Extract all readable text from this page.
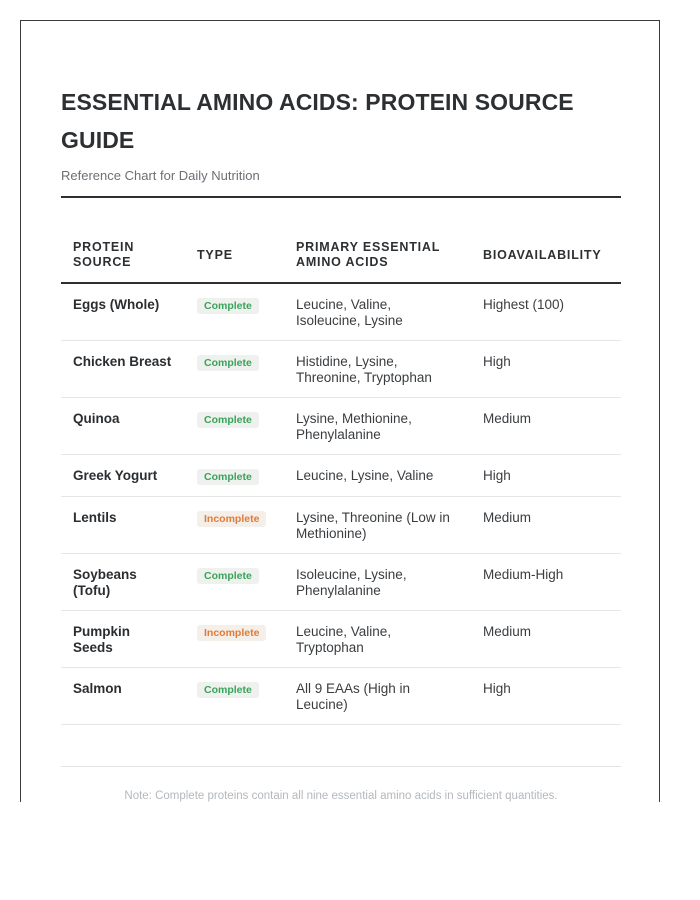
ESSENTIAL AMINO ACIDS: PROTEIN SOURCE GUIDE
Reference Chart for Daily Nutrition
PROTEIN SOURCE	TYPE	PRIMARY ESSENTIAL AMINO ACIDS	BIOAVAILABILITY
Eggs (Whole)	Complete	Leucine, Valine, Isoleucine, Lysine	Highest (100)
Chicken Breast	Complete	Histidine, Lysine, Threonine, Tryptophan	High
Quinoa	Complete	Lysine, Methionine, Phenylalanine	Medium
Greek Yogurt	Complete	Leucine, Lysine, Valine	High
Lentils	Incomplete	Lysine, Threonine (Low in Methionine)	Medium
Soybeans (Tofu)	Complete	Isoleucine, Lysine, Phenylalanine	Medium-High
Pumpkin Seeds	Incomplete	Leucine, Valine, Tryptophan	Medium
Salmon	Complete	All 9 EAAs (High in Leucine)	High
Note: Complete proteins contain all nine essential amino acids in sufficient quantities.
